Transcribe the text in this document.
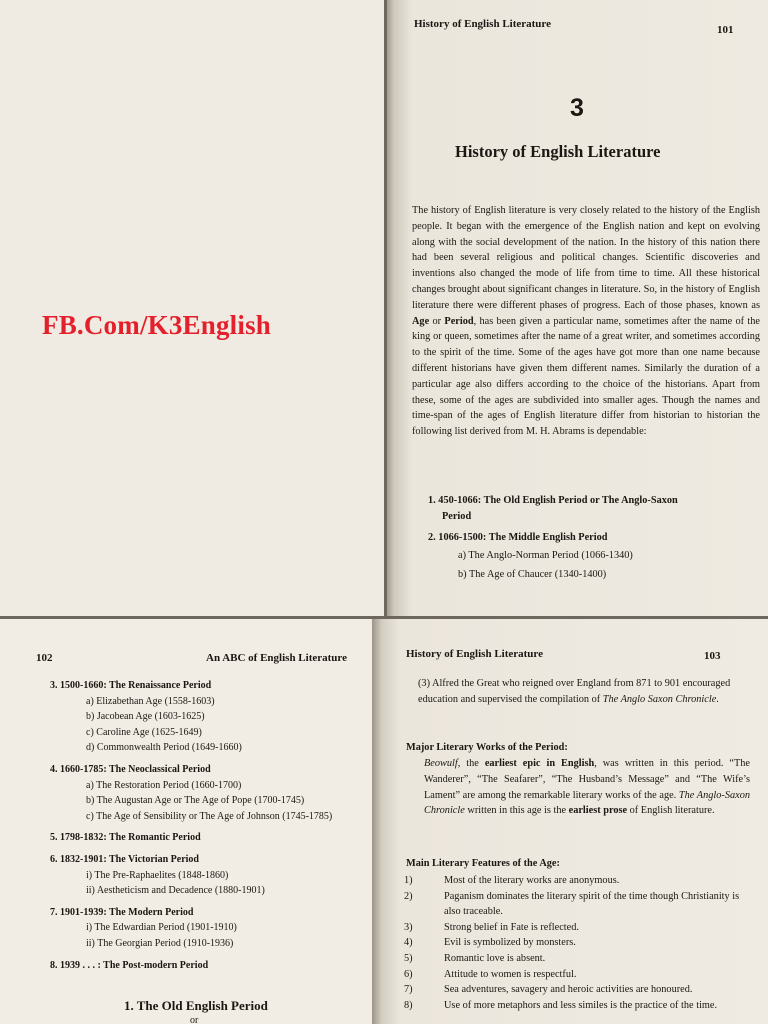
FB.Com/K3English
History of English Literature	101
3
History of English Literature
The history of English literature is very closely related to the history of the English people. It began with the emergence of the English nation and kept on evolving along with the social development of the nation. In the history of this nation there had been several religious and political changes. Scientific discoveries and inventions also changed the mode of life from time to time. All these historical changes brought about significant changes in literature. So, in the history of English literature there were different phases of progress. Each of those phases, known as Age or Period, has been given a particular name, sometimes after the name of the king or queen, sometimes after the name of a great writer, and sometimes according to the spirit of the time. Some of the ages have got more than one name because different historians have given them different names. Similarly the duration of a particular age also differs according to the choice of the historians. Apart from these, some of the ages are subdivided into smaller ages. Though the names and time-span of the ages of English literature differ from historian to historian the following list derived from M. H. Abrams is dependable:
1. 450-1066: The Old English Period or The Anglo-Saxon
Period
2. 1066-1500: The Middle English Period
a) The Anglo-Norman Period (1066-1340)
b) The Age of Chaucer (1340-1400)
102	An ABC of English Literature
3. 1500-1660: The Renaissance Period
a) Elizabethan Age (1558-1603)
b) Jacobean Age (1603-1625)
c) Caroline Age (1625-1649)
d) Commonwealth Period (1649-1660)
4. 1660-1785: The Neoclassical Period
a) The Restoration Period (1660-1700)
b) The Augustan Age or The Age of Pope (1700-1745)
c) The Age of Sensibility or The Age of Johnson (1745-1785)
5. 1798-1832: The Romantic Period
6. 1832-1901: The Victorian Period
i) The Pre-Raphaelites (1848-1860)
ii) Aestheticism and Decadence (1880-1901)
7. 1901-1939: The Modern Period
i) The Edwardian Period (1901-1910)
ii) The Georgian Period (1910-1936)
8. 1939 . . . : The Post-modern Period
1. The Old English Period
or
History of English Literature	103
(3) Alfred the Great who reigned over England from 871 to 901 encouraged education and supervised the compilation of The Anglo Saxon Chronicle.
Major Literary Works of the Period:
Beowulf, the earliest epic in English, was written in this period. “The Wanderer”, “The Seafarer”, “The Husband’s Message” and “The Wife’s Lament” are among the remarkable literary works of the age. The Anglo-Saxon Chronicle written in this age is the earliest prose of English literature.
Main Literary Features of the Age:
1)	Most of the literary works are anonymous.
2)	Paganism dominates the literary spirit of the time though Christianity is also traceable.
3)	Strong belief in Fate is reflected.
4)	Evil is symbolized by monsters.
5)	Romantic love is absent.
6)	Attitude to women is respectful.
7)	Sea adventures, savagery and heroic activities are honoured.
8)	Use of more metaphors and less similes is the practice of the time.
